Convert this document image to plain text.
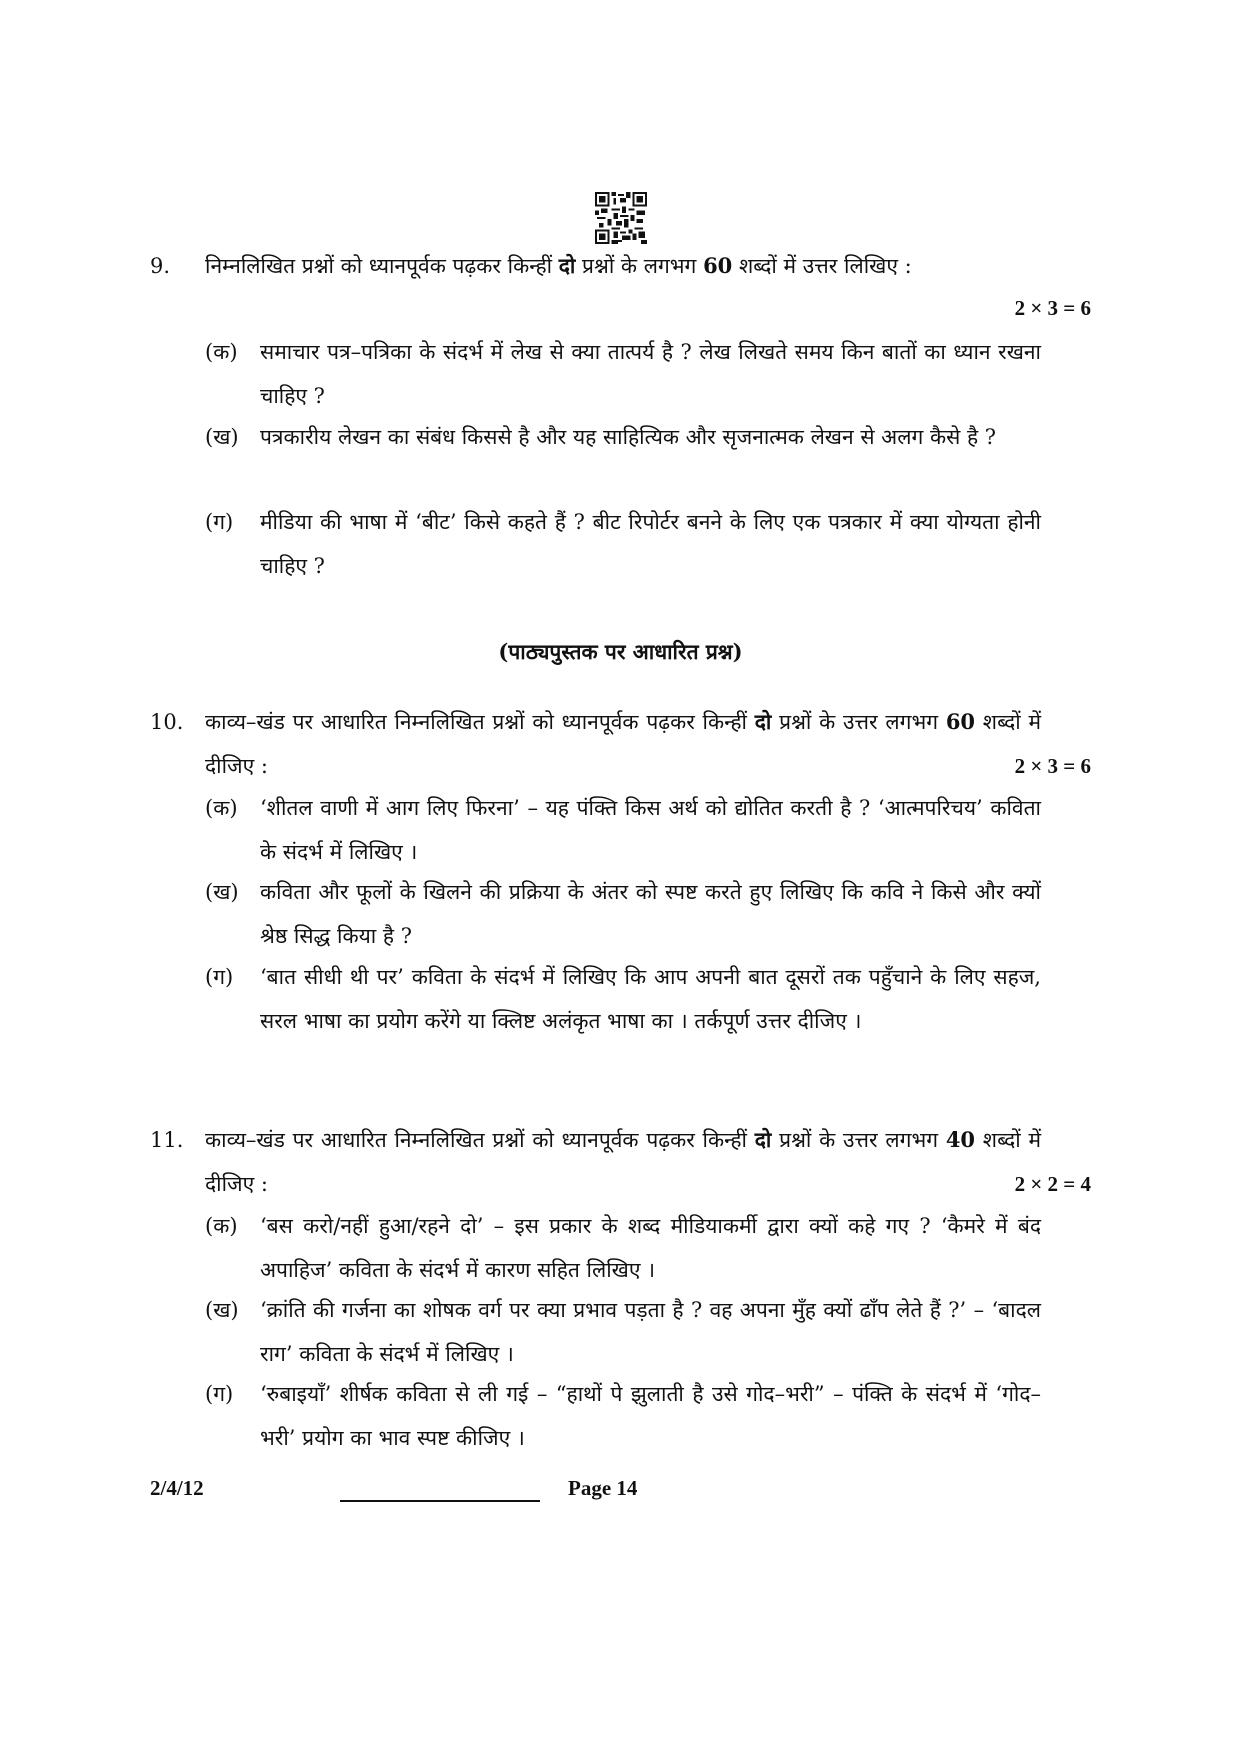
9. निम्नलिखित प्रश्नों को ध्यानपूर्वक पढ़कर किन्हीं दो प्रश्नों के लगभग 60 शब्दों में उत्तर लिखिए :

2 × 3 = 6
(क) समाचार पत्र–पत्रिका के संदर्भ में लेख से क्या तात्पर्य है ? लेख लिखते समय किन बातों का ध्यान रखना चाहिए ?
(ख) पत्रकारीय लेखन का संबंध किससे है और यह साहित्यिक और सृजनात्मक लेखन से अलग कैसे है ?
(ग) मीडिया की भाषा में ‘बीट’ किसे कहते हैं ? बीट रिपोर्टर बनने के लिए एक पत्रकार में क्या योग्यता होनी चाहिए ?
(पाठ्यपुस्तक पर आधारित प्रश्न)
10. काव्य–खंड पर आधारित निम्नलिखित प्रश्नों को ध्यानपूर्वक पढ़कर किन्हीं दो प्रश्नों के उत्तर लगभग 60 शब्दों में दीजिए :	2 × 3 = 6
(क) ‘शीतल वाणी में आग लिए फिरना’ – यह पंक्ति किस अर्थ को द्योतित करती है ? ‘आत्मपरिचय’ कविता के संदर्भ में लिखिए ।
(ख) कविता और फूलों के खिलने की प्रक्रिया के अंतर को स्पष्ट करते हुए लिखिए कि कवि ने किसे और क्यों श्रेष्ठ सिद्ध किया है ?
(ग) ‘बात सीधी थी पर’ कविता के संदर्भ में लिखिए कि आप अपनी बात दूसरों तक पहुँचाने के लिए सहज, सरल भाषा का प्रयोग करेंगे या क्लिष्ट अलंकृत भाषा का । तर्कपूर्ण उत्तर दीजिए ।
11. काव्य–खंड पर आधारित निम्नलिखित प्रश्नों को ध्यानपूर्वक पढ़कर किन्हीं दो प्रश्नों के उत्तर लगभग 40 शब्दों में दीजिए :	2 × 2 = 4
(क) ‘बस करो/नहीं हुआ/रहने दो’ – इस प्रकार के शब्द मीडियाकर्मी द्वारा क्यों कहे गए ? ‘कैमरे में बंद अपाहिज’ कविता के संदर्भ में कारण सहित लिखिए ।
(ख) ‘क्रांति की गर्जना का शोषक वर्ग पर क्या प्रभाव पड़ता है ? वह अपना मुँह क्यों ढाँप लेते हैं ?’ – ‘बादल राग’ कविता के संदर्भ में लिखिए ।
(ग) ‘रुबाइयाँ’ शीर्षक कविता से ली गई – “हाथों पे झुलाती है उसे गोद–भरी” – पंक्ति के संदर्भ में ‘गोद–भरी’ प्रयोग का भाव स्पष्ट कीजिए ।
2/4/12	Page 14
